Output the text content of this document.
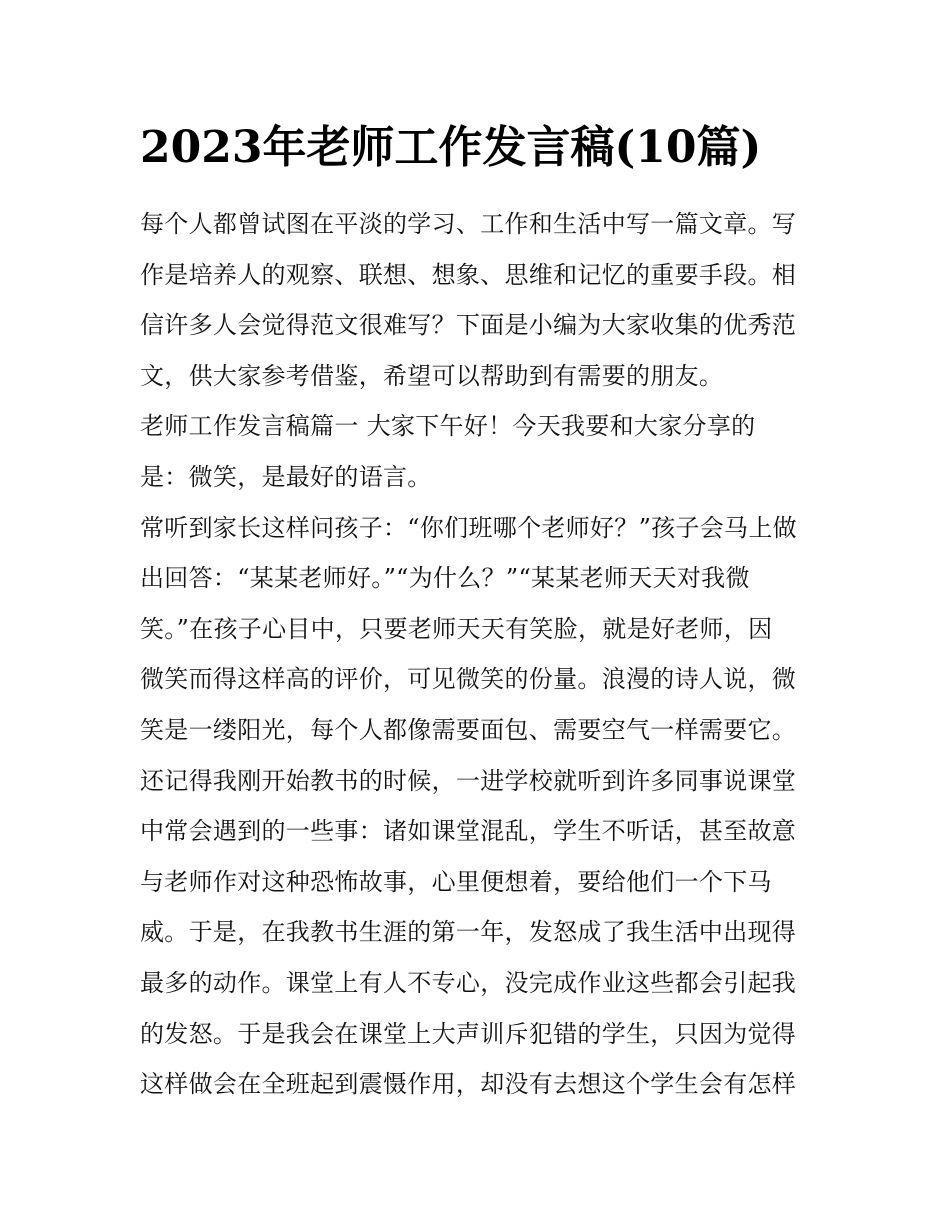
2023年老师工作发言稿(10篇)
每个人都曾试图在平淡的学习、工作和生活中写一篇文章。写
作是培养人的观察、联想、想象、思维和记忆的重要手段。相
信许多人会觉得范文很难写？下面是小编为大家收集的优秀范
文，供大家参考借鉴，希望可以帮助到有需要的朋友。
老师工作发言稿篇一 大家下午好！今天我要和大家分享的
是：微笑，是最好的语言。
常听到家长这样问孩子：“你们班哪个老师好？”孩子会马上做
出回答：“某某老师好。”“为什么？”“某某老师天天对我微
笑。”在孩子心目中，只要老师天天有笑脸，就是好老师，因
微笑而得这样高的评价，可见微笑的份量。浪漫的诗人说，微
笑是一缕阳光，每个人都像需要面包、需要空气一样需要它。
还记得我刚开始教书的时候，一进学校就听到许多同事说课堂
中常会遇到的一些事：诸如课堂混乱，学生不听话，甚至故意
与老师作对这种恐怖故事，心里便想着，要给他们一个下马
威。于是，在我教书生涯的第一年，发怒成了我生活中出现得
最多的动作。课堂上有人不专心，没完成作业这些都会引起我
的发怒。于是我会在课堂上大声训斥犯错的学生，只因为觉得
这样做会在全班起到震慑作用，却没有去想这个学生会有怎样
